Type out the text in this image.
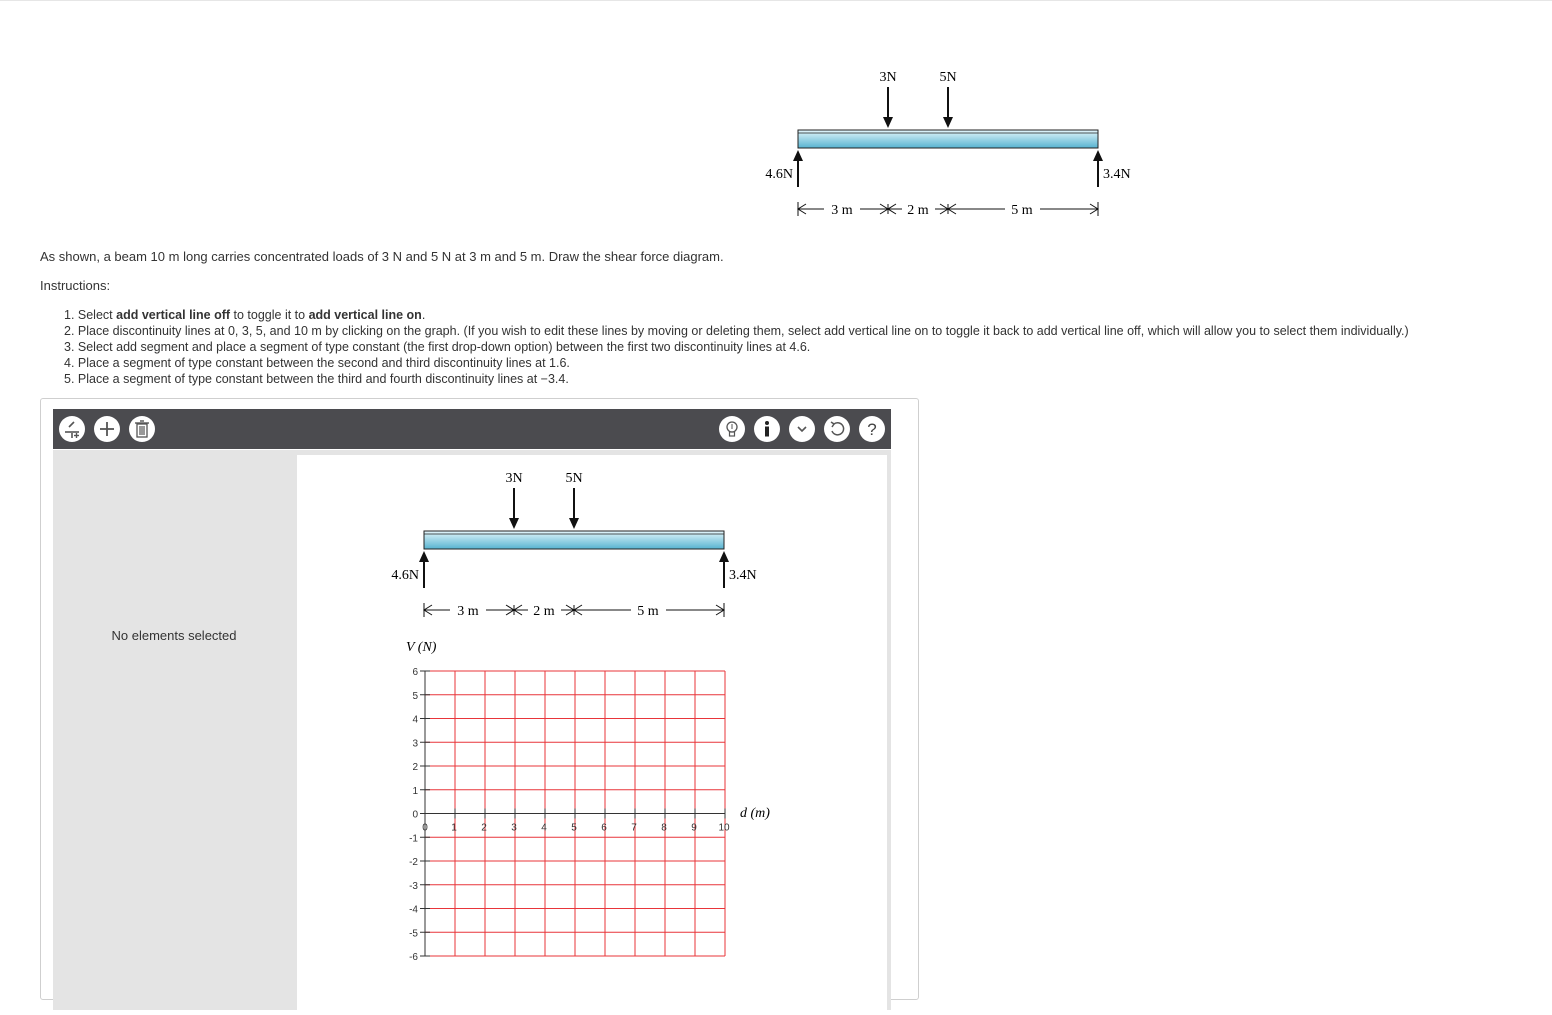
3N	5N
4.6N	3.4N
3 m	2 m	5 m
As shown, a beam 10 m long carries concentrated loads of 3 N and 5 N at 3 m and 5 m. Draw the shear force diagram.
Instructions:
1. Select add vertical line off to toggle it to add vertical line on.
2. Place discontinuity lines at 0, 3, 5, and 10 m by clicking on the graph. (If you wish to edit these lines by moving or deleting them, select add vertical line on to toggle it back to add vertical line off, which will allow you to select them individually.)
3. Select add segment and place a segment of type constant (the first drop-down option) between the first two discontinuity lines at 4.6.
4. Place a segment of type constant between the second and third discontinuity lines at 1.6.
5. Place a segment of type constant between the third and fourth discontinuity lines at −3.4.
?
No elements selected
3N	5N
4.6N	3.4N
3 m	2 m	5 m
V (N)
d (m)
0 1 2 3 4 5 6 7 8 9 10
6
5
4
3
2
1
0
-1
-2
-3
-4
-5
-6
